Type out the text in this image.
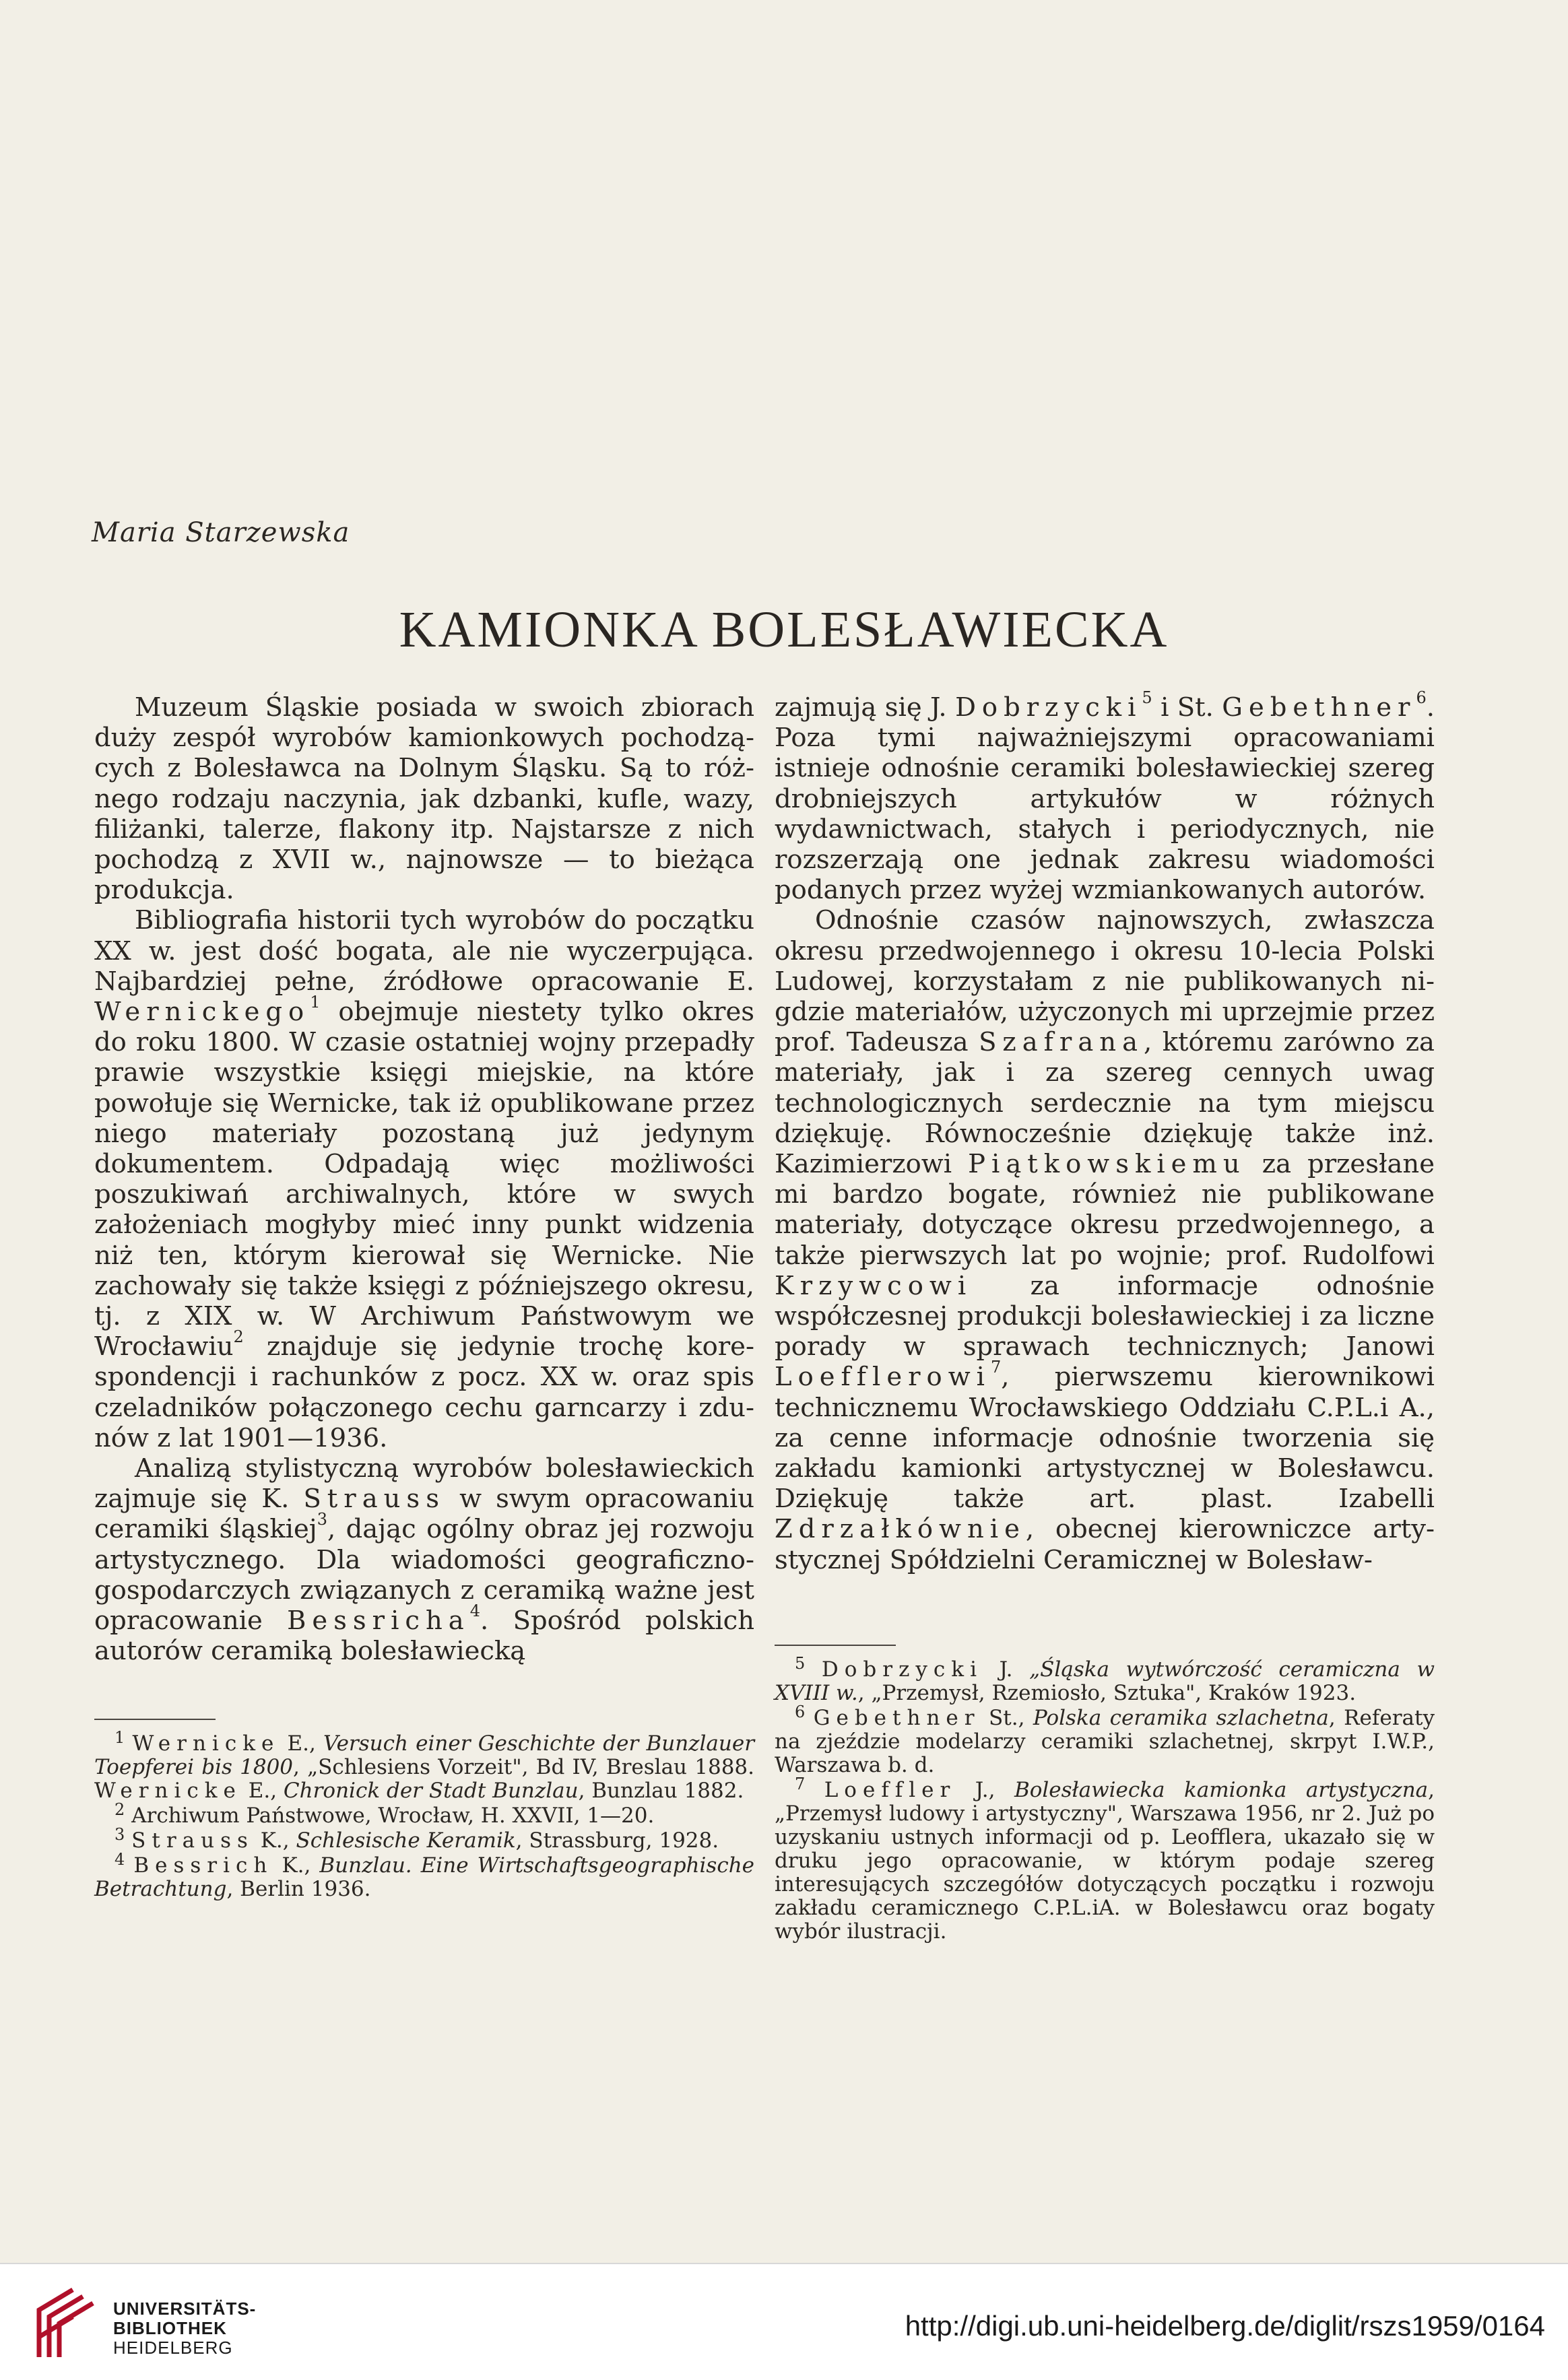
Maria Starzewska
KAMIONKA BOLESŁAWIECKA

Muzeum Śląskie posiada w swoich zbiorach duży zespół wyrobów kamionkowych pochodzących z Bolesławca na Dolnym Śląsku. Są to różnego rodzaju naczynia, jak dzbanki, kufle, wazy, filiżanki, talerze, flakony itp. Najstarsze z nich pochodzą z XVII w., najnowsze — to bieżąca produkcja.

Bibliografia historii tych wyrobów do początku XX w. jest dość bogata, ale nie wyczerpująca. Najbardziej pełne, źródłowe opracowanie E. Wernickego$^1$ obejmuje niestety tylko okres do roku 1800. W czasie ostatniej wojny przepadły prawie wszystkie księgi miejskie, na które powołuje się Wernicke, tak iż opublikowane przez niego materiały pozostaną już jedynym dokumentem. Odpadają więc możliwości poszukiwań archiwalnych, które w swych założeniach mogłyby mieć inny punkt widzenia niż ten, którym kierował się Wernicke. Nie zachowały się także księgi z późniejszego okresu, tj. z XIX w. W Archiwum Państwowym we Wrocławiu$^2$ znajduje się jedynie trochę korespondencji i rachunków z pocz. XX w. oraz spis czeladników połączonego cechu garncarzy i zdunów z lat 1901—1936.

Analizą stylistyczną wyrobów bolesławieckich zajmuje się K. Strauss w swym opracowaniu ceramiki śląskiej$^3$, dając ogólny obraz jej rozwoju artystycznego. Dla wiadomości geograficzno-gospodarczych związanych z ceramiką ważne jest opracowanie Bessricha$^4$. Spośród polskich autorów ceramiką bolesławiecką

zajmują się J. Dobrzycki$^5$ i St. Gebethner$^6$. Poza tymi najważniejszymi opracowaniami istnieje odnośnie ceramiki bolesławieckiej szereg drobniejszych artykułów w różnych wydawnictwach, stałych i periodycznych, nie rozszerzają one jednak zakresu wiadomości podanych przez wyżej wzmiankowanych autorów.

Odnośnie czasów najnowszych, zwłaszcza okresu przedwojennego i okresu 10-lecia Polski Ludowej, korzystałam z nie publikowanych nigdzie materiałów, użyczonych mi uprzejmie przez prof. Tadeusza Szafrana, któremu zarówno za materiały, jak i za szereg cennych uwag technologicznych serdecznie na tym miejscu dziękuję. Równocześnie dziękuję także inż. Kazimierzowi Piątkowskiemu za przesłane mi bardzo bogate, również nie publikowane materiały, dotyczące okresu przedwojennego, a także pierwszych lat po wojnie; prof. Rudolfowi Krzywcowi za informacje odnośnie współczesnej produkcji bolesławieckiej i za liczne porady w sprawach technicznych; Janowi Loefflerowi$^7$, pierwszemu kierownikowi technicznemu Wrocławskiego Oddziału C.P.L.i A., za cenne informacje odnośnie tworzenia się zakładu kamionki artystycznej w Bolesławcu. Dziękuję także art. plast. Izabelli Zdrzałkównie, obecnej kierowniczce artystycznej Spółdzielni Ceramicznej w Bolesław-

$^1$ Wernicke E., Versuch einer Geschichte der Bunzlauer Toepferei bis 1800, „Schlesiens Vorzeit", Bd IV, Breslau 1888. Wernicke E., Chronick der Stadt Bunzlau, Bunzlau 1882.

$^2$ Archiwum Państwowe, Wrocław, H. XXVII, 1—20.

$^3$ Strauss K., Schlesische Keramik, Strassburg, 1928.

$^4$ Bessrich K., Bunzlau. Eine Wirtschaftsgeographische Betrachtung, Berlin 1936.

$^5$ Dobrzycki J. „Śląska wytwórczość ceramiczna w XVIII w., „Przemysł, Rzemiosło, Sztuka", Kraków 1923.

$^6$ Gebethner St., Polska ceramika szlachetna, Referaty na zjeździe modelarzy ceramiki szlachetnej, skrpyt I.W.P., Warszawa b. d.

$^7$ Loeffler J., Bolesławiecka kamionka artystyczna, „Przemysł ludowy i artystyczny", Warszawa 1956, nr 2. Już po uzyskaniu ustnych informacji od p. Leofflera, ukazało się w druku jego opracowanie, w którym podaje szereg interesujących szczegółów dotyczących początku i rozwoju zakładu ceramicznego C.P.L.iA. w Bolesławcu oraz bogaty wybór ilustracji.

UNIVERSITÄTS-
BIBLIOTHEK
HEIDELBERG
http://digi.ub.uni-heidelberg.de/diglit/rszs1959/0164
